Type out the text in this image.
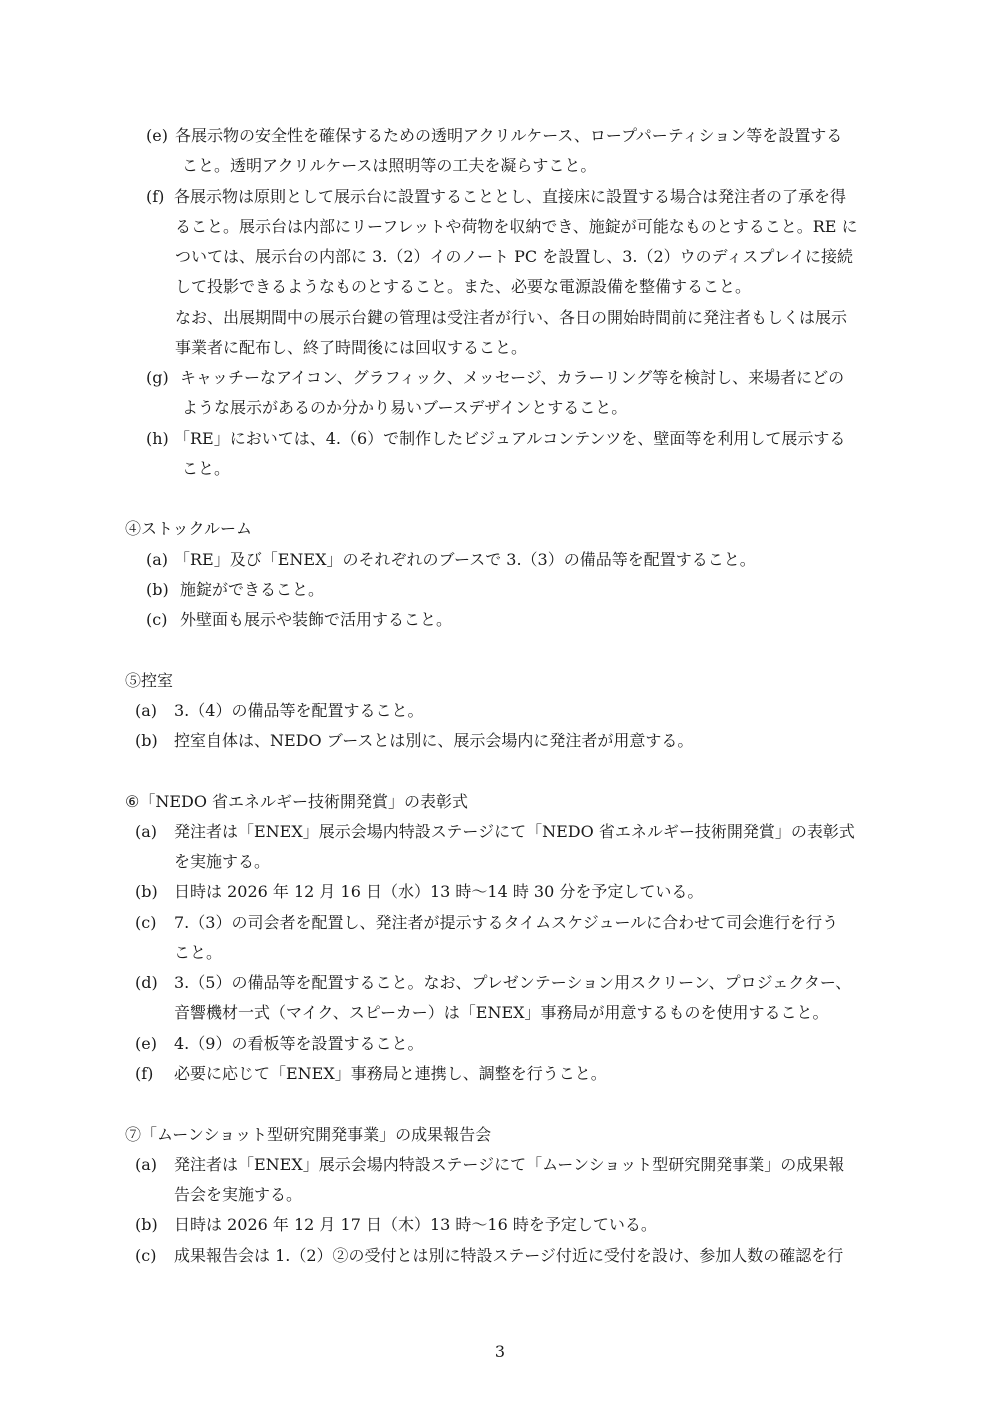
(e) 各展示物の安全性を確保するための透明アクリルケース、ロープパーティション等を設置する
こと。透明アクリルケースは照明等の工夫を凝らすこと。
(f) 各展示物は原則として展示台に設置することとし、直接床に設置する場合は発注者の了承を得
ること。展示台は内部にリーフレットや荷物を収納でき、施錠が可能なものとすること。RE に
ついては、展示台の内部に 3.（2）イのノート PC を設置し、3.（2）ウのディスプレイに接続
して投影できるようなものとすること。また、必要な電源設備を整備すること。
なお、出展期間中の展示台鍵の管理は受注者が行い、各日の開始時間前に発注者もしくは展示
事業者に配布し、終了時間後には回収すること。
(g) キャッチーなアイコン、グラフィック、メッセージ、カラーリング等を検討し、来場者にどの
ような展示があるのか分かり易いブースデザインとすること。
(h) 「RE」においては、4.（6）で制作したビジュアルコンテンツを、壁面等を利用して展示する
こと。
④ストックルーム
(a) 「RE」及び「ENEX」のそれぞれのブースで 3.（3）の備品等を配置すること。
(b) 施錠ができること。
(c) 外壁面も展示や装飾で活用すること。
⑤控室
(a) 3.（4）の備品等を配置すること。
(b) 控室自体は、NEDO ブースとは別に、展示会場内に発注者が用意する。
⑥「NEDO 省エネルギー技術開発賞」の表彰式
(a) 発注者は「ENEX」展示会場内特設ステージにて「NEDO 省エネルギー技術開発賞」の表彰式
を実施する。
(b) 日時は 2026 年 12 月 16 日（水）13 時～14 時 30 分を予定している。
(c) 7.（3）の司会者を配置し、発注者が提示するタイムスケジュールに合わせて司会進行を行う
こと。
(d) 3.（5）の備品等を配置すること。なお、プレゼンテーション用スクリーン、プロジェクター、
音響機材一式（マイク、スピーカー）は「ENEX」事務局が用意するものを使用すること。
(e) 4.（9）の看板等を設置すること。
(f) 必要に応じて「ENEX」事務局と連携し、調整を行うこと。
⑦「ムーンショット型研究開発事業」の成果報告会
(a) 発注者は「ENEX」展示会場内特設ステージにて「ムーンショット型研究開発事業」の成果報
告会を実施する。
(b) 日時は 2026 年 12 月 17 日（木）13 時～16 時を予定している。
(c) 成果報告会は 1.（2）②の受付とは別に特設ステージ付近に受付を設け、参加人数の確認を行
3
